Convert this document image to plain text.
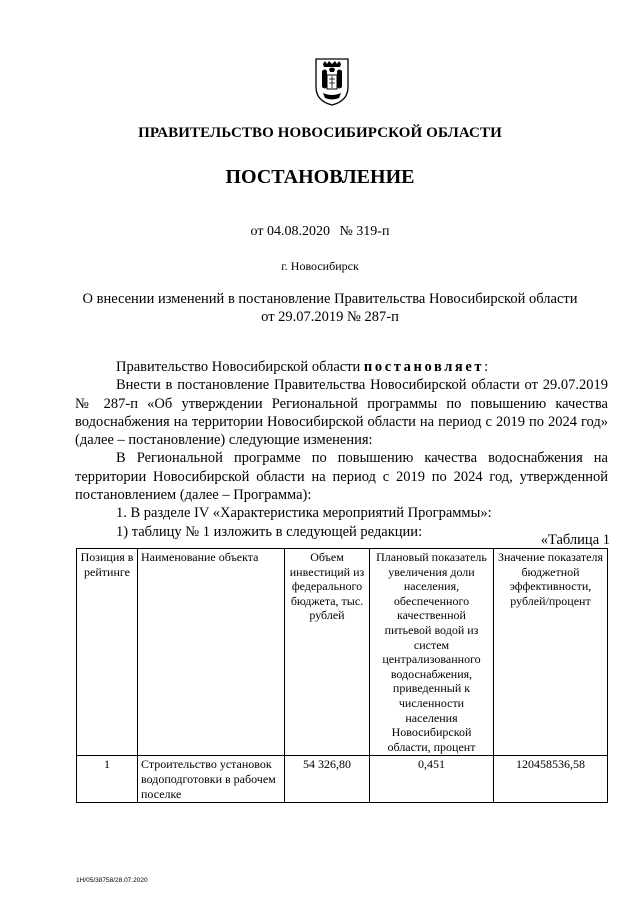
ПРАВИТЕЛЬСТВО НОВОСИБИРСКОЙ ОБЛАСТИ
ПОСТАНОВЛЕНИЕ
от 04.08.2020 № 319-п
г. Новосибирск
О внесении изменений в постановление Правительства Новосибирской области
от 29.07.2019 № 287-п

Правительство Новосибирской области постановляет:

Внести в постановление Правительства Новосибирской области от 29.07.2019 № 287-п «Об утверждении Региональной программы по повышению качества водоснабжения на территории Новосибирской области на период с 2019 по 2024 год» (далее – постановление) следующие изменения:

В Региональной программе по повышению качества водоснабжения на территории Новосибирской области на период с 2019 по 2024 год, утвержденной постановлением (далее – Программа):

1. В разделе IV «Характеристика мероприятий Программы»:

1) таблицу № 1 изложить в следующей редакции:

«Таблица 1
Позиция в рейтинге	Наименование объекта	Объем инвестиций из федерального бюджета, тыс. рублей	Плановый показатель увеличения доли населения, обеспеченного качественной питьевой водой из систем централизованного водоснабжения, приведенный к численности населения Новосибирской области, процент	Значение показателя бюджетной эффективности, рублей/процент
1	Строительство установок водоподготовки в рабочем поселке	54 326,80	0,451	120458536,58
1Н/05/38758/28.07.2020
